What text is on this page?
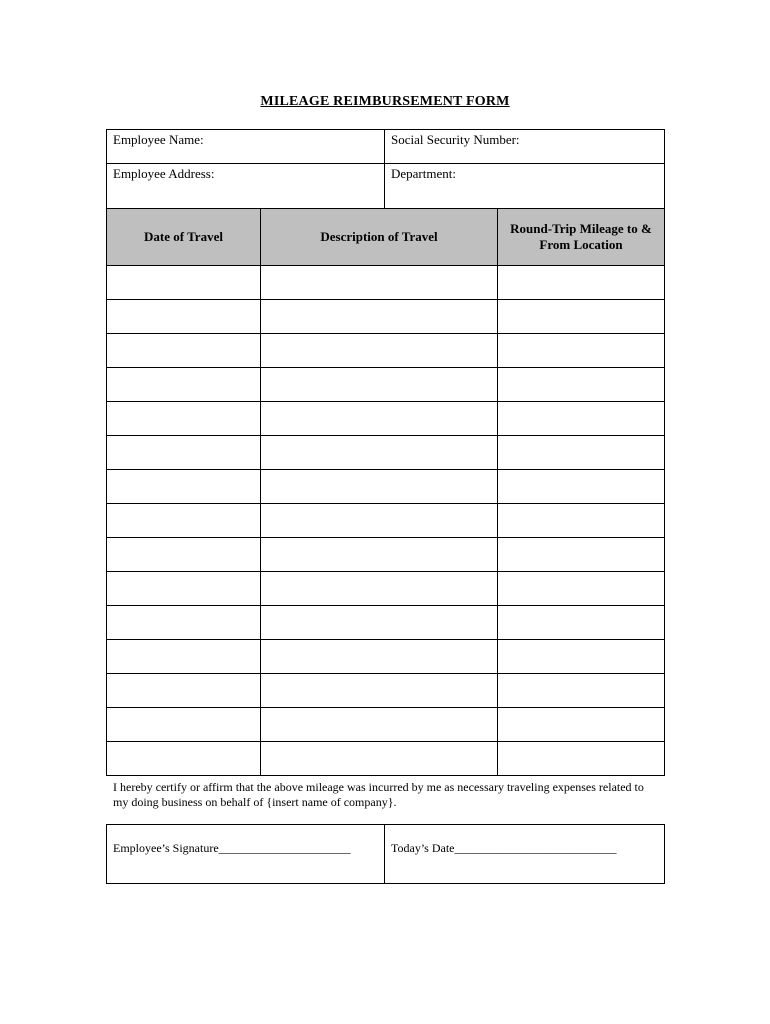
MILEAGE REIMBURSEMENT FORM
Employee Name:	Social Security Number:
Employee Address:	Department:
Date of Travel	Description of Travel	Round-Trip Mileage to & From Location

I hereby certify or affirm that the above mileage was incurred by me as necessary traveling expenses related to my doing business on behalf of {insert name of company}.
Employee’s Signature______________________	Today’s Date___________________________
